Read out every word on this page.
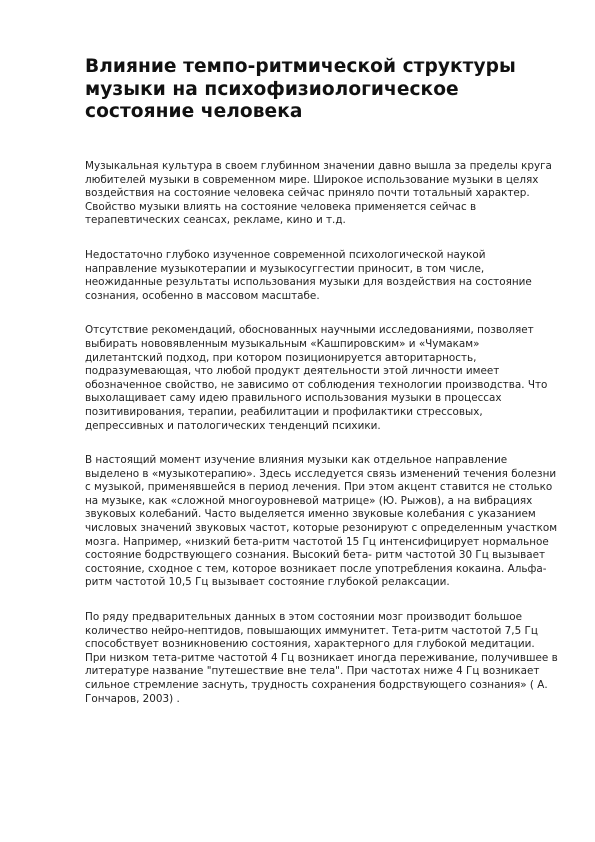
Влияние темпо-ритмической структуры музыки на психофизиологическое состояние человека

Музыкальная культура в своем глубинном значении давно вышла за пределы круга любителей музыки в современном мире. Широкое использование музыки в целях воздействия на состояние человека сейчас приняло почти тотальный характер. Свойство музыки влиять на состояние человека применяется сейчас в терапевтических сеансах, рекламе, кино и т.д.

Недостаточно глубоко изученное современной психологической наукой направление музыкотерапии и музыкосуггестии приносит, в том числе, неожиданные результаты использования музыки для воздействия на состояние сознания, особенно в массовом масштабе.

Отсутствие рекомендаций, обоснованных научными исследованиями, позволяет выбирать нововявленным музыкальным «Кашпировским» и «Чумакам» дилетантский подход, при котором позиционируется авторитарность, подразумевающая, что любой продукт деятельности этой личности имеет обозначенное свойство, не зависимо от соблюдения технологии производства. Что выхолащивает саму идею правильного использования музыки в процессах позитивирования, терапии, реабилитации и профилактики стрессовых, депрессивных и патологических тенденций психики.

В настоящий момент изучение влияния музыки как отдельное направление выделено в «музыкотерапию». Здесь исследуется связь изменений течения болезни с музыкой, применявшейся в период лечения. При этом акцент ставится не столько на музыке, как «сложной многоуровневой матрице» (Ю. Рыжов), а на вибрациях звуковых колебаний. Часто выделяется именно звуковые колебания с указанием числовых значений звуковых частот, которые резонируют с определенным участком мозга. Например, «низкий бета-ритм частотой 15 Гц интенсифицирует нормальное состояние бодрствующего сознания. Высокий бета- ритм частотой 30 Гц вызывает состояние, сходное с тем, которое возникает после употребления кокаина. Альфа-ритм частотой 10,5 Гц вызывает состояние глубокой релаксации.

По ряду предварительных данных в этом состоянии мозг производит большое количество нейро-нептидов, повышающих иммунитет. Тета-ритм частотой 7,5 Гц способствует возникновению состояния, характерного для глубокой медитации. При низком тета-ритме частотой 4 Гц возникает иногда переживание, получившее в литературе название "путешествие вне тела". При частотах ниже 4 Гц возникает сильное стремление заснуть, трудность сохранения бодрствующего сознания» ( А. Гончаров, 2003) .
